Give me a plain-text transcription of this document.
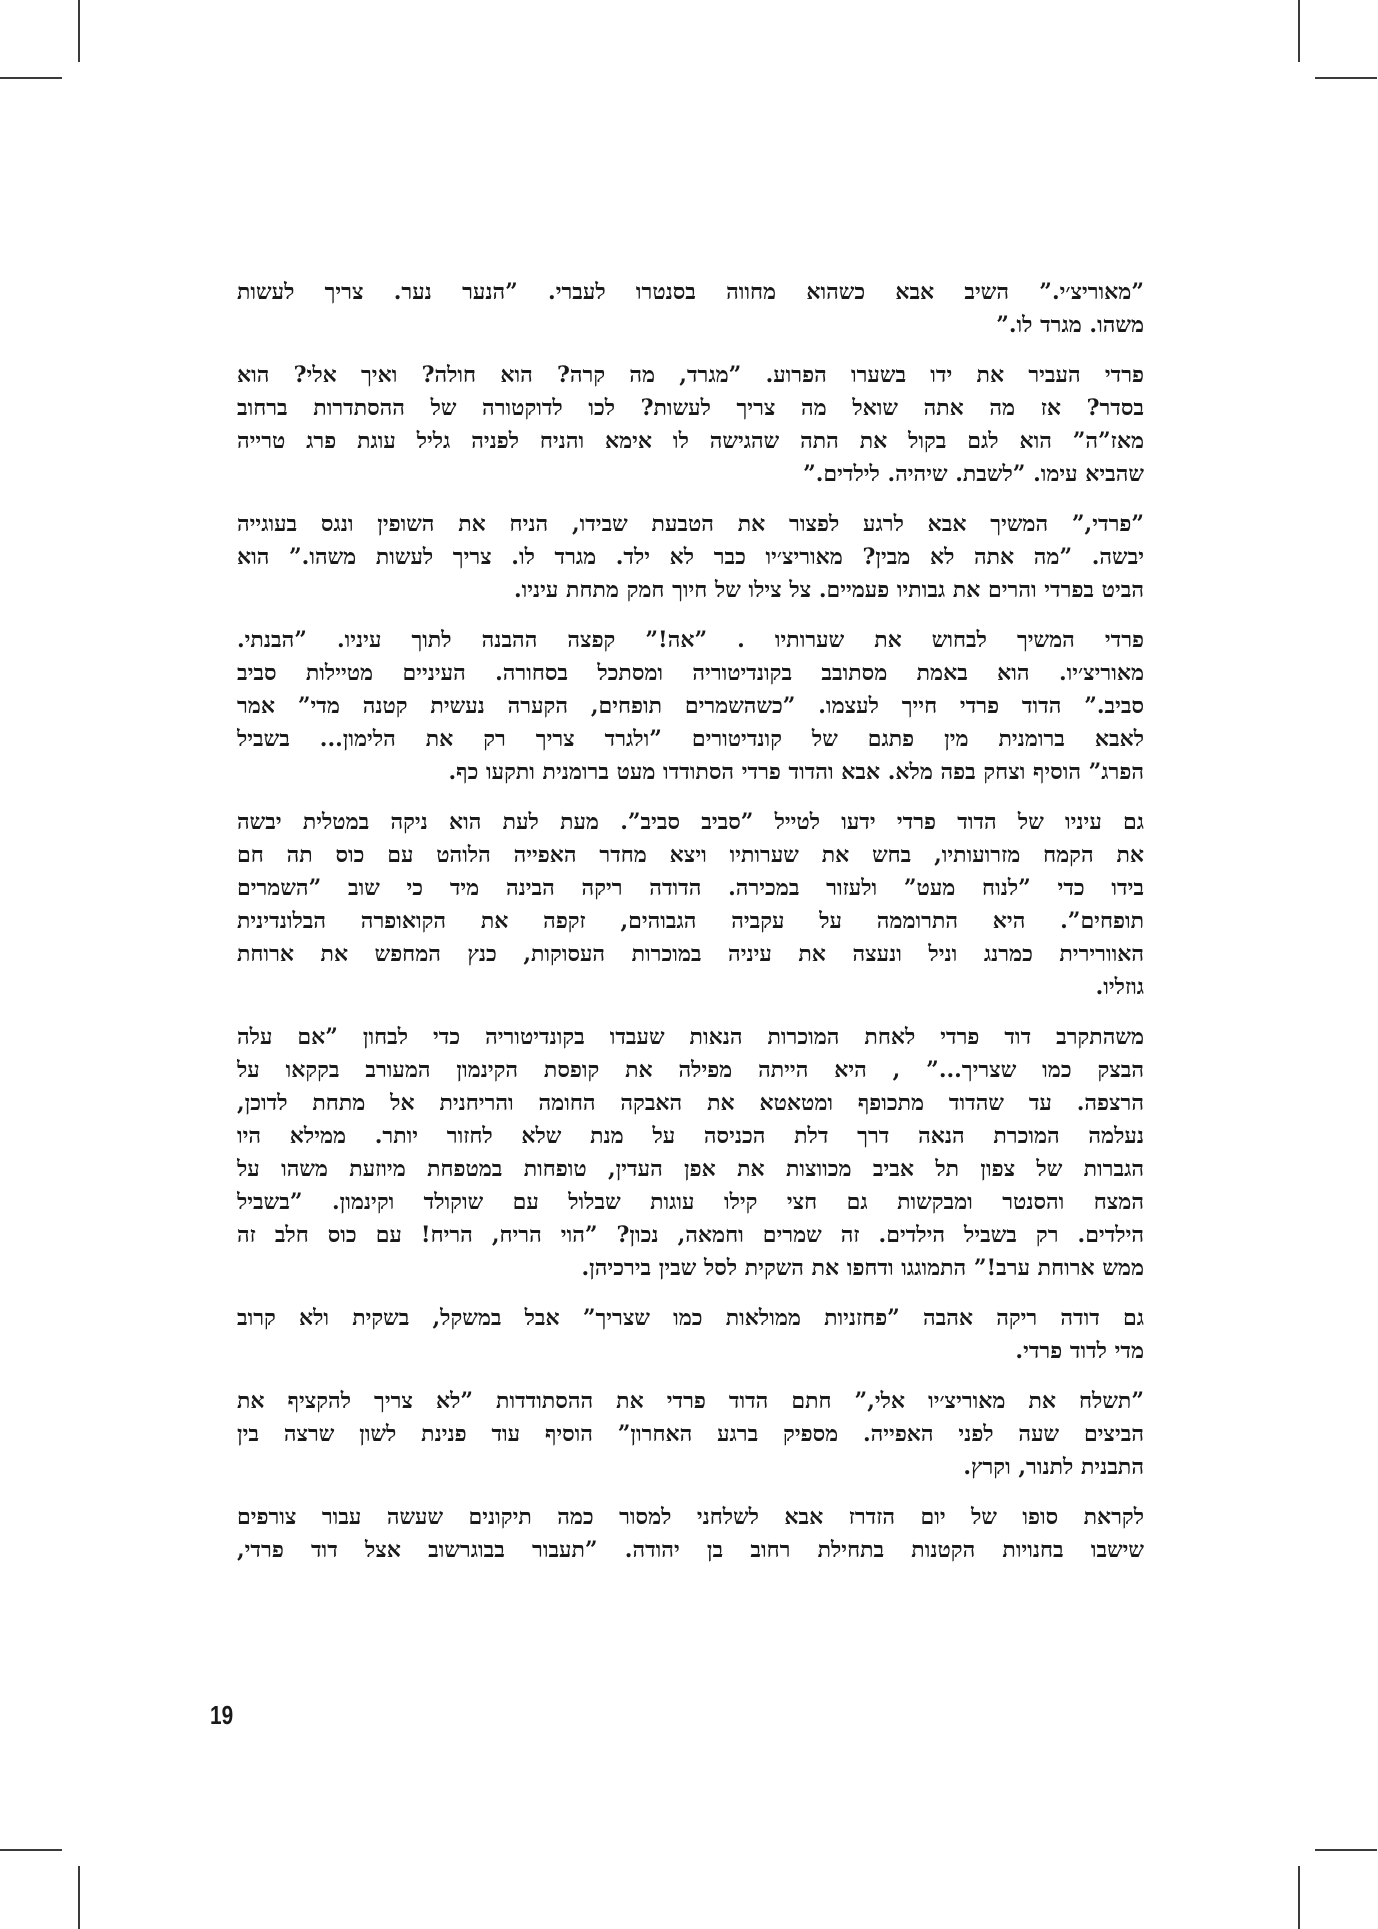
”מאוריצ׳י.” השיב אבא כשהוא מחווה בסנטרו לעברי. ”הנער נער. צריך לעשות
משהו. מגרד לו.”
פרדי העביר את ידו בשערו הפרוע. ”מגרד, מה קרה? הוא חולה? ואיך אלי? הוא
בסדר? אז מה אתה שואל מה צריך לעשות? לכו לדוקטורה של ההסתדרות ברחוב
מאז”ה” הוא לגם בקול את התה שהגישה לו אימא והניח לפניה גליל עוגת פרג טרייה
שהביא עימו. ”לשבת. שיהיה. לילדים.”
”פרדי,” המשיך אבא לרגע לפצור את הטבעת שבידו, הניח את השופין ונגס בעוגייה
יבשה. ”מה אתה לא מבין? מאוריצ׳יו כבר לא ילד. מגרד לו. צריך לעשות משהו.” הוא
הביט בפרדי והרים את גבותיו פעמיים. צל צילו של חיוך חמק מתחת עיניו.
פרדי המשיך לבחוש את שערותיו . ”אה!” קפצה ההבנה לתוך עיניו. ”הבנתי.
מאוריצ׳יו. הוא באמת מסתובב בקונדיטוריה ומסתכל בסחורה. העיניים מטיילות סביב
סביב.” הדוד פרדי חייך לעצמו. ”כשהשמרים תופחים, הקערה נעשית קטנה מדי” אמר
לאבא ברומנית מין פתגם של קונדיטורים ”ולגרד צריך רק את הלימון... בשביל
הפרג” הוסיף וצחק בפה מלא. אבא והדוד פרדי הסתודדו מעט ברומנית ותקעו כף.
גם עיניו של הדוד פרדי ידעו לטייל ”סביב סביב”. מעת לעת הוא ניקה במטלית יבשה
את הקמח מזרועותיו, בחש את שערותיו ויצא מחדר האפייה הלוהט עם כוס תה חם
בידו כדי ”לנוח מעט” ולעזור במכירה. הדודה ריקה הבינה מיד כי שוב ”השמרים
תופחים”. היא התרוממה על עקביה הגבוהים, זקפה את הקואופרה הבלונדינית
האוורירית כמרנג וניל ונעצה את עיניה במוכרות העסוקות, כנץ המחפש את ארוחת
גוזליו.
משהתקרב דוד פרדי לאחת המוכרות הנאות שעבדו בקונדיטוריה כדי לבחון ”אם עלה
הבצק כמו שצריך...” , היא הייתה מפילה את קופסת הקינמון המעורב בקקאו על
הרצפה. עד שהדוד מתכופף ומטאטא את האבקה החומה והריחנית אל מתחת לדוכן,
נעלמה המוכרת הנאה דרך דלת הכניסה על מנת שלא לחזור יותר. ממילא היו
הגברות של צפון תל אביב מכווצות את אפן העדין, טופחות במטפחת מיוזעת משהו על
המצח והסנטר ומבקשות גם חצי קילו עוגות שבלול עם שוקולד וקינמון. ”בשביל
הילדים. רק בשביל הילדים. זה שמרים וחמאה, נכון? ”הוי הריח, הריח! עם כוס חלב זה
ממש ארוחת ערב!” התמוגגו ודחפו את השקית לסל שבין בירכיהן.
גם דודה ריקה אהבה ”פחזניות ממולאות כמו שצריך” אבל במשקל, בשקית ולא קרוב
מדי לדוד פרדי.
”תשלח את מאוריצ׳יו אלי,” חתם הדוד פרדי את ההסתודדות ”לא צריך להקציף את
הביצים שעה לפני האפייה. מספיק ברגע האחרון” הוסיף עוד פנינת לשון שרצה בין
התבנית לתנור, וקרץ.
לקראת סופו של יום הזדרז אבא לשלחני למסור כמה תיקונים שעשה עבור צורפים
שישבו בחנויות הקטנות בתחילת רחוב בן יהודה. ”תעבור בבוגרשוב אצל דוד פרדי,
19
